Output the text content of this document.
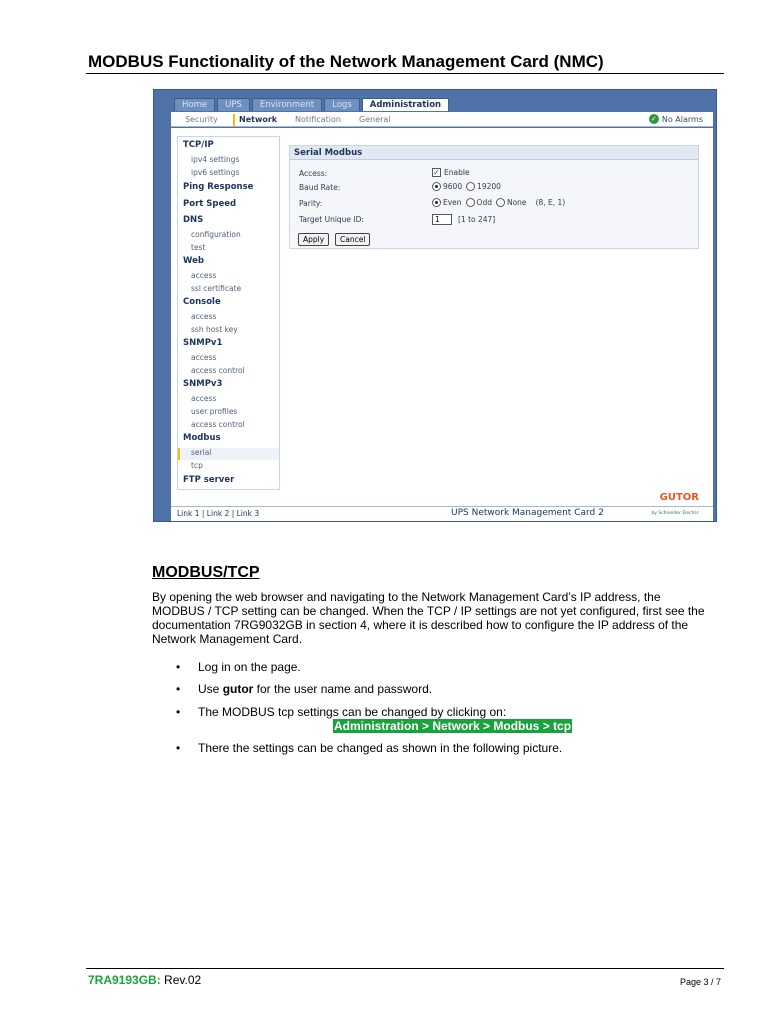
MODBUS Functionality of the Network Management Card (NMC)
Home	UPS	Environment	Logs	Administration
Security	Network	Notification	General	✓ No Alarms
TCP/IP
ipv4 settings
ipv6 settings
Ping Response
Port Speed
DNS
configuration
test
Web
access
ssl certificate
Console
access
ssh host key
SNMPv1
access
access control
SNMPv3
access
user profiles
access control
Modbus
serial
tcp
FTP server
Serial Modbus
Access:	✓ Enable
Baud Rate:	9600 19200
Parity:	Even Odd None (8, E, 1)
Target Unique ID:	1	[1 to 247]
Apply	Cancel
GUTOR
Link 1 | Link 2 | Link 3	UPS Network Management Card 2	by Schneider Electric
MODBUS/TCP
By opening the web browser and navigating to the Network Management Card’s IP address, the MODBUS / TCP setting can be changed. When the TCP / IP settings are not yet configured, first see the documentation 7RG9032GB in section 4, where it is described how to configure the IP address of the Network Management Card.
• Log in on the page.
• Use gutor for the user name and password.
• The MODBUS tcp settings can be changed by clicking on:
Administration > Network > Modbus > tcp
• There the settings can be changed as shown in the following picture.
7RA9193GB: Rev.02	Page 3 / 7
